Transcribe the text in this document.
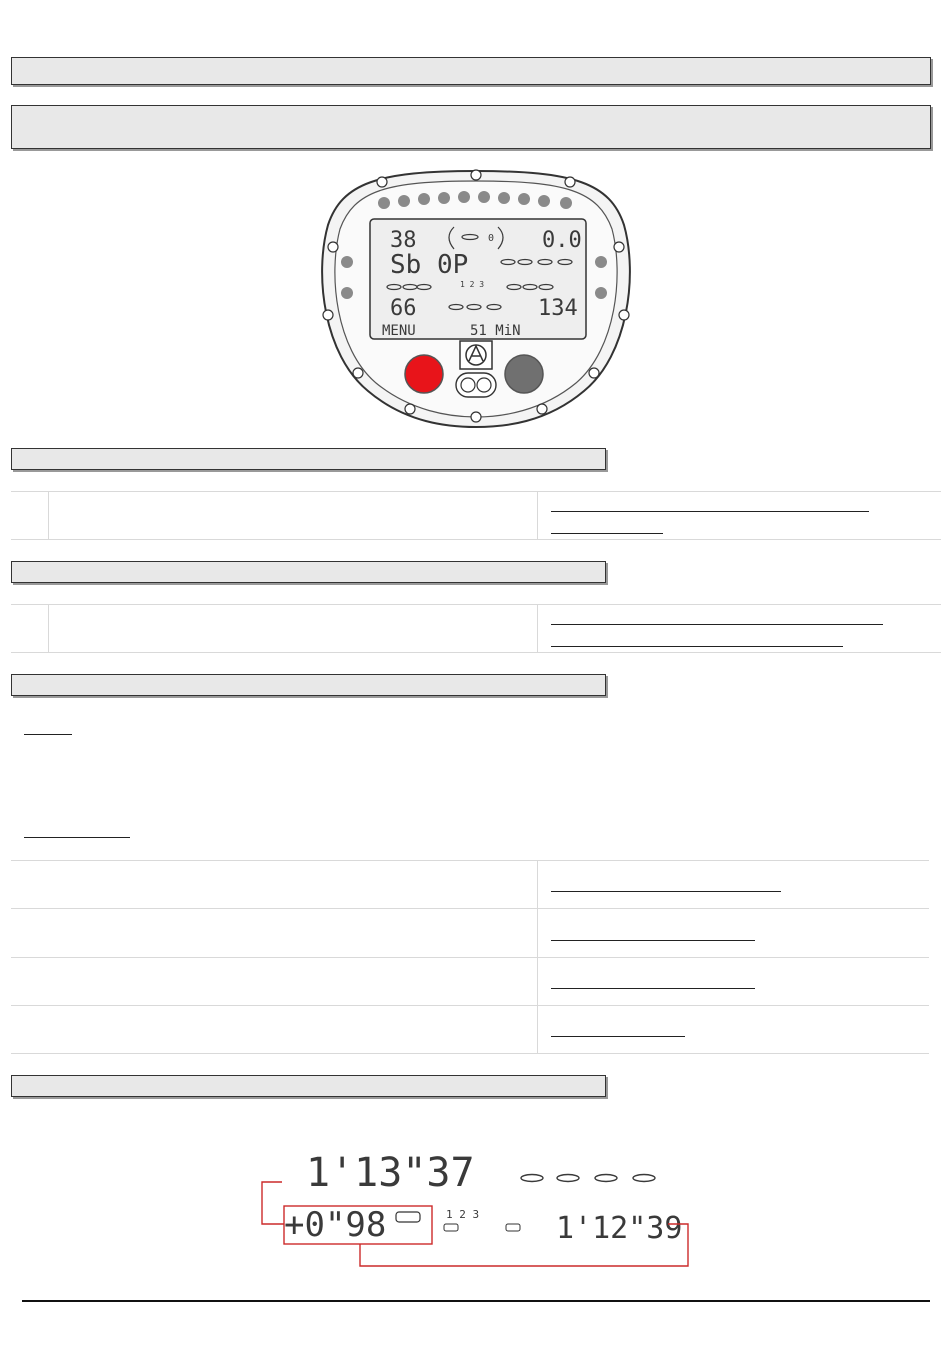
38	0.0
Sb 0P
66	134
MENU	51 MiN
0
1 2 3
1'13"37
+0"98	1'12"39
1 2 3
